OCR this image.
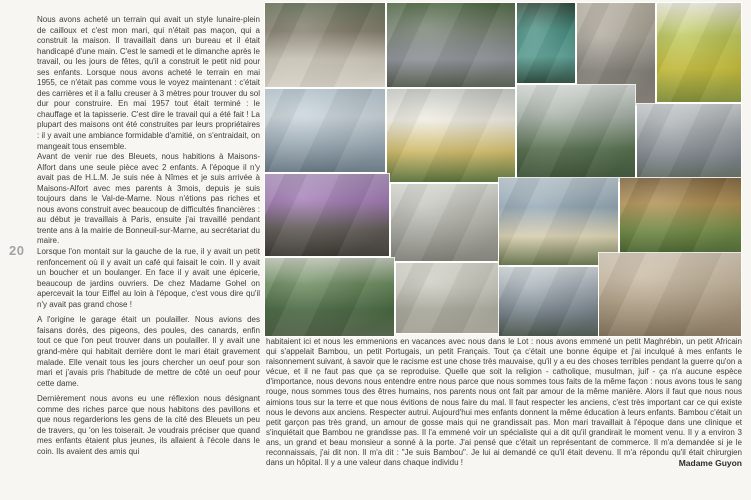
20

Nous avons acheté un terrain qui avait un style lunaire-plein de cailloux et c'est mon mari, qui n'était pas maçon, qui a construit la maison. Il travaillait dans un bureau et il était handicapé d'une main. C'est le samedi et le dimanche après le travail, ou les jours de fêtes, qu'il a construit le petit nid pour ses enfants. Lorsque nous avons acheté le terrain en mai 1955, ce n'était pas comme vous le voyez maintenant : c'était des carrières et il a fallu creuser à 3 mètres pour trouver du sol dur pour construire. En mai 1957 tout était terminé : le chauffage et la tapisserie. C'est dire le travail qui a été fait ! La plupart des maisons ont été construites par leurs propriétaires : il y avait une ambiance formidable d'amitié, on s'entraidait, on mangeait tous ensemble.

Avant de venir rue des Bleuets, nous habitions à Maisons-Alfort dans une seule pièce avec 2 enfants. A l'époque il n'y avait pas de H.L.M. Je suis née à Nîmes et je suis arrivée à Maisons-Alfort avec mes parents à 3mois, depuis je suis toujours dans le Val-de-Marne. Nous n'étions pas riches et nous avons construit avec beaucoup de difficultés financières : au début je travaillais à Paris, ensuite j'ai travaillé pendant trente ans à la mairie de Bonneuil-sur-Marne, au secrétariat du maire.

Lorsque l'on montait sur la gauche de la rue, il y avait un petit renfoncement où il y avait un café qui faisait le coin. Il y avait un boucher et un boulanger. En face il y avait une épicerie, beaucoup de jardins ouvriers. De chez Madame Gohel on apercevait la tour Eiffel au loin à l'époque, c'est vous dire qu'il n'y avait pas grand chose !

A l'origine le garage était un poulailler. Nous avions des faisans dorés, des pigeons, des poules, des canards, enfin tout ce que l'on peut trouver dans un poulailler. Il y avait une grand-mère qui habitait derrière dont le mari était gravement malade. Elle venait tous les jours chercher un oeuf pour son mari et j'avais pris l'habitude de mettre de côté un oeuf pour cette dame.

Dernièrement nous avons eu une réflexion nous désignant comme des riches parce que nous habitons des pavillons et que nous regarderions les gens de la cité des Bleuets un peu de travers, qu 'on les toiserait. Je voudrais préciser que quand mes enfants étaient plus jeunes, ils allaient à l'école dans le coin. Ils avaient des amis qui

habitaient ici et nous les emmenions en vacances avec nous dans le Lot : nous avons emmené un petit Maghrébin, un petit Africain qui s'appelait Bambou, un petit Portugais, un petit Français. Tout ça c'était une bonne équipe et j'ai inculqué à mes enfants le raisonnement suivant, à savoir que le racisme est une chose très mauvaise, qu'il y a eu des choses terribles pendant la guerre qu'on a vécue, et il ne faut pas que ça se reproduise. Quelle que soit la religion - catholique, musulman, juif - ça n'a aucune espèce d'importance, nous devons nous entendre entre nous parce que nous sommes tous faits de la même façon : nous avons tous le sang rouge, nous sommes tous des êtres humains, nos parents nous ont fait par amour de la même manière. Alors il faut que nous nous aimions tous sur la terre et que nous évitions de nous faire du mal. Il faut respecter les anciens, c'est très important car ce qui existe nous le devons aux anciens. Respecter autrui. Aujourd'hui mes enfants donnent la même éducation à leurs enfants. Bambou c'était un petit garçon pas très grand, un amour de gosse mais qui ne grandissait pas. Mon mari travaillait à l'époque dans une clinique et s'inquiétait que Bambou ne grandisse pas. Il l'a emmené voir un spécialiste qui a dit qu'il grandirait le moment venu. Il y a environ 3 ans, un grand et beau monsieur a sonné à la porte. J'ai pensé que c'était un représentant de commerce. Il m'a demandée si je le reconnaissais, j'ai dit non. Il m'a dit : "Je suis Bambou". Je lui ai demandé ce qu'il était devenu. Il m'a répondu qu'il était chirurgien dans un hôpital. Il y a une valeur dans chaque individu !	Madame Guyon
